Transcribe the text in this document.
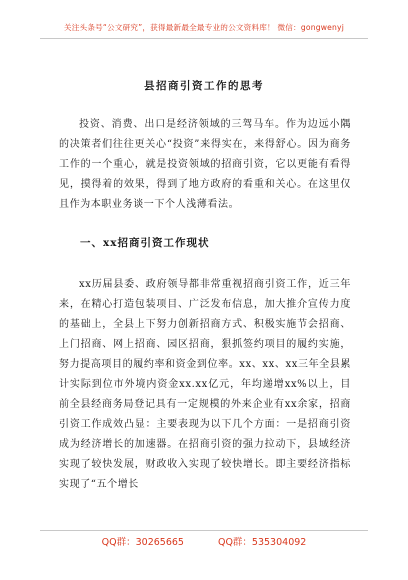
关注头条号“公文研究”，获得最新最全最专业的公文资料库！ 微信：gongwenyj
县招商引资工作的思考

投资、消费、出口是经济领域的三驾马车。作为边远小隅的决策者们往往更关心“投资”来得实在，来得舒心。因为商务工作的一个重心，就是投资领域的招商引资，它以更能有看得见，摸得着的效果，得到了地方政府的看重和关心。在这里仅且作为本职业务谈一下个人浅薄看法。

一、xx招商引资工作现状

xx历届县委、政府领导都非常重视招商引资工作，近三年来，在精心打造包装项目、广泛发布信息，加大推介宣传力度的基础上，全县上下努力创新招商方式、积极实施节会招商、上门招商、网上招商、园区招商，狠抓签约项目的履约实施，努力提高项目的履约率和资金到位率。xx、xx、xx三年全县累计实际到位市外境内资金xx.xx亿元，年均递增xx%以上，目前全县经商务局登记具有一定规模的外来企业有xx余家，招商引资工作成效凸显：主要表现为以下几个方面：一是招商引资成为经济增长的加速器。在招商引资的强力拉动下，县域经济实现了较快发展，财政收入实现了较快增长。即主要经济指标实现了“五个增长

QQ群：30265665	QQ群：535304092
